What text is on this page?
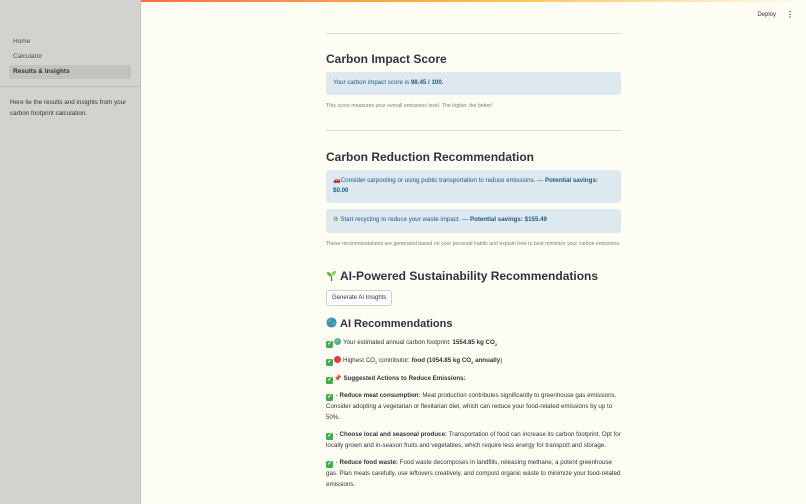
Home
Calculator
Results & Insights

Here lie the results and insights from your carbon footprint calculation.

Deploy ⋮
Carbon Impact Score
Your carbon impact score is 98.45 / 100.

This score measures your overall emissions level. The higher, the better!

Carbon Reduction Recommendation
🚗Consider carpooling or using public transportation to reduce emissions. — Potential savings: $0.00
♻ Start recycling to reduce your waste impact. — Potential savings: $155.49

These recommendations are generated based on your personal habits and explain how to best minimize your carbon emissions.

AI-Powered Sustainability Recommendations
Generate AI Insights
AI Recommendations
✓ Your estimated annual carbon footprint: 1554.85 kg $CO_2$
✓ Highest $CO_2$ contributor: food (1054.85 kg $CO_2$ annually)
✓ 📌 Suggested Actions to Reduce Emissions:
✓ - Reduce meat consumption: Meat production contributes significantly to greenhouse gas emissions. Consider adopting a vegetarian or flexitarian diet, which can reduce your food-related emissions by up to 50%.
✓ - Choose local and seasonal produce: Transportation of food can increase its carbon footprint. Opt for locally grown and in-season fruits and vegetables, which require less energy for transport and storage.
✓ - Reduce food waste: Food waste decomposes in landfills, releasing methane, a potent greenhouse gas. Plan meals carefully, use leftovers creatively, and compost organic waste to minimize your food-related emissions.
